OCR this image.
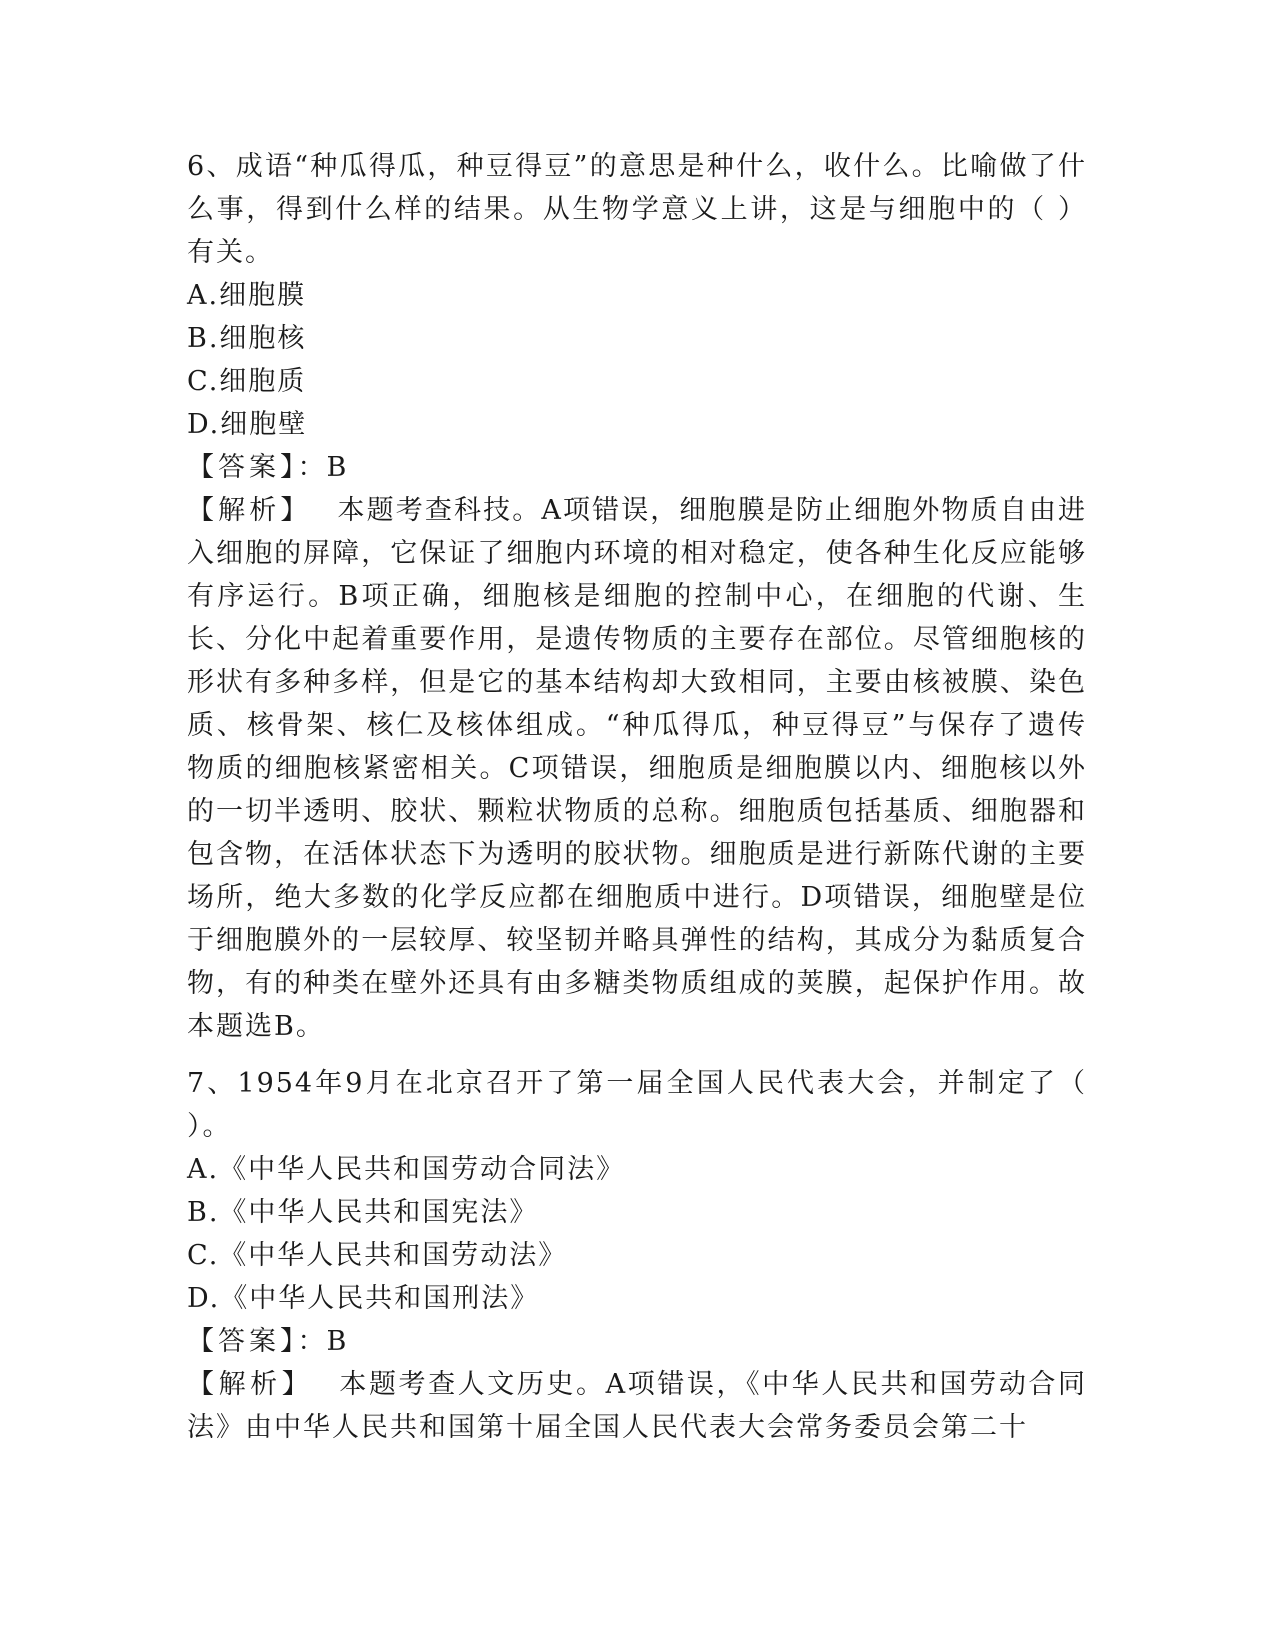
6、成语“种瓜得瓜，种豆得豆”的意思是种什么，收什么。比喻做了什么事，得到什么样的结果。从生物学意义上讲，这是与细胞中的（ ）有关。

A.细胞膜
B.细胞核
C.细胞质
D.细胞壁

【答案】：B

【解析】 本题考查科技。A项错误，细胞膜是防止细胞外物质自由进入细胞的屏障，它保证了细胞内环境的相对稳定，使各种生化反应能够有序运行。B项正确，细胞核是细胞的控制中心，在细胞的代谢、生长、分化中起着重要作用，是遗传物质的主要存在部位。尽管细胞核的形状有多种多样，但是它的基本结构却大致相同，主要由核被膜、染色质、核骨架、核仁及核体组成。“种瓜得瓜，种豆得豆”与保存了遗传物质的细胞核紧密相关。C项错误，细胞质是细胞膜以内、细胞核以外的一切半透明、胶状、颗粒状物质的总称。细胞质包括基质、细胞器和包含物，在活体状态下为透明的胶状物。细胞质是进行新陈代谢的主要场所，绝大多数的化学反应都在细胞质中进行。D项错误，细胞壁是位于细胞膜外的一层较厚、较坚韧并略具弹性的结构，其成分为黏质复合物，有的种类在壁外还具有由多糖类物质组成的荚膜，起保护作用。故本题选B。

7、1954年9月在北京召开了第一届全国人民代表大会，并制定了（ ）。

A.《中华人民共和国劳动合同法》
B.《中华人民共和国宪法》
C.《中华人民共和国劳动法》
D.《中华人民共和国刑法》

【答案】：B

【解析】 本题考查人文历史。A项错误，《中华人民共和国劳动合同法》由中华人民共和国第十届全国人民代表大会常务委员会第二十
